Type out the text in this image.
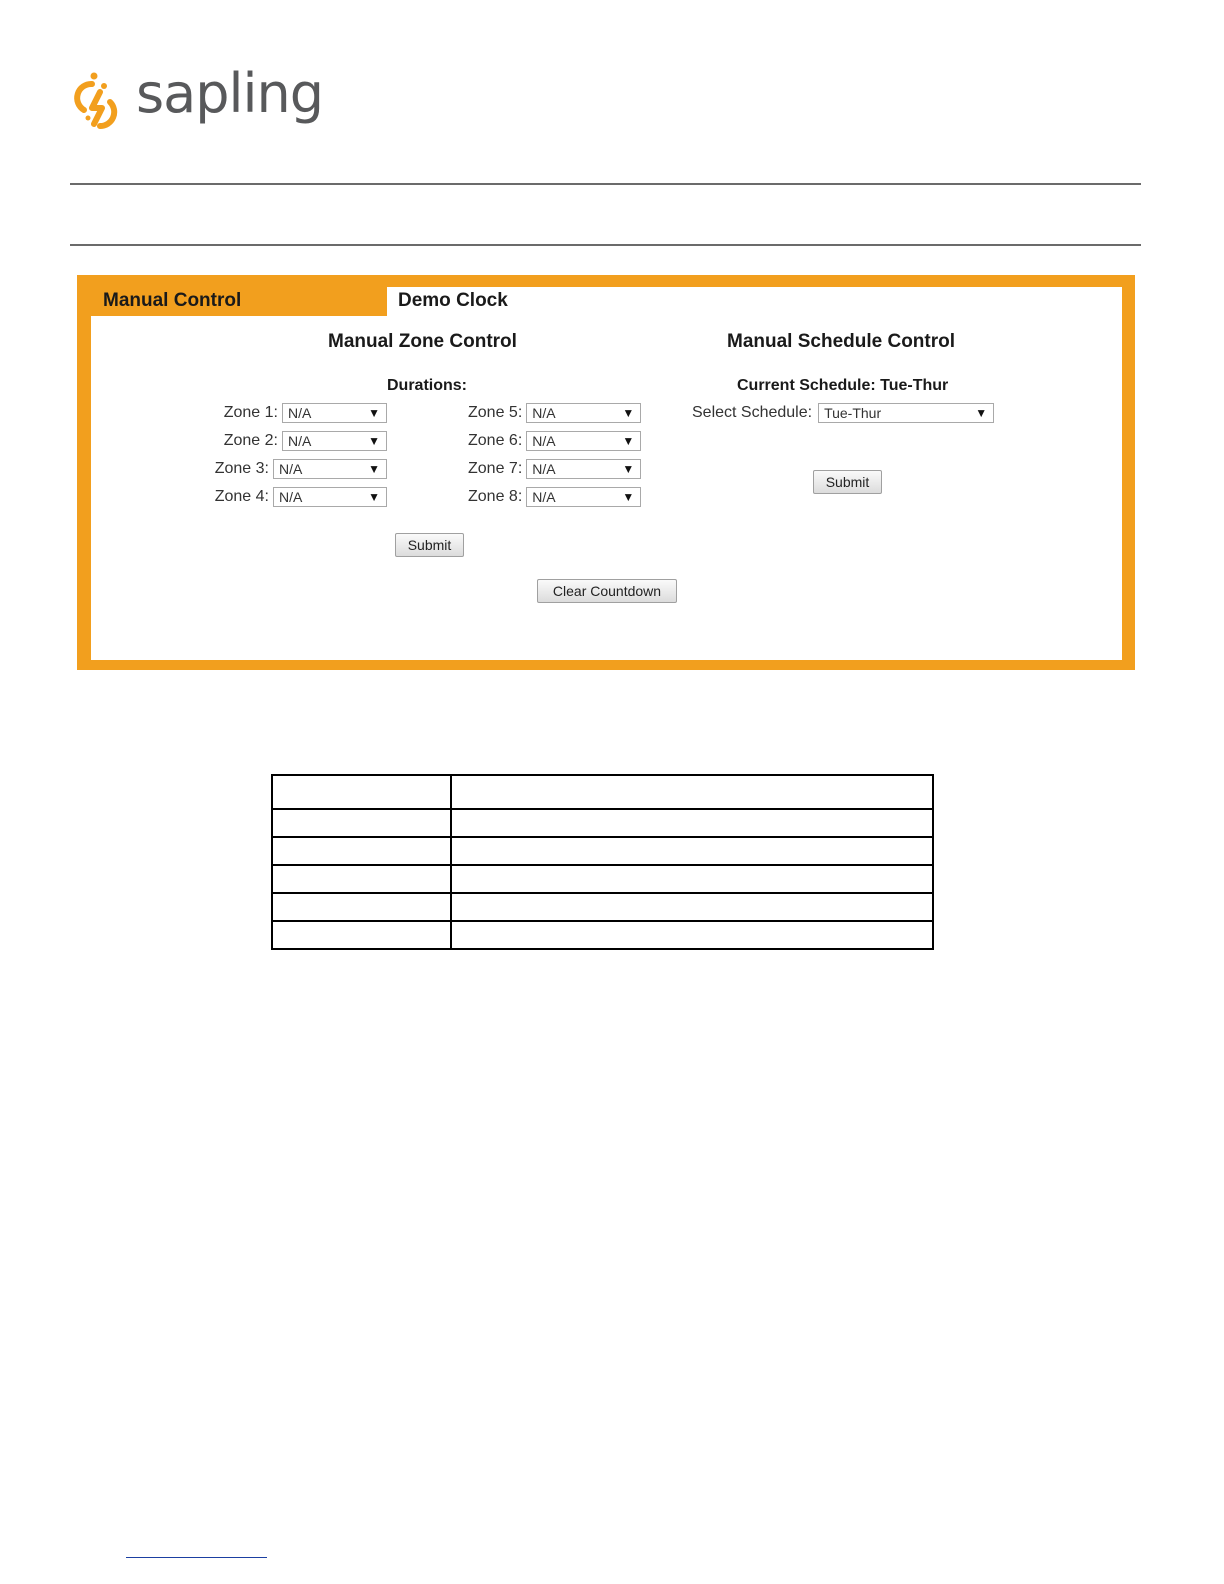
sapling
Manual Control	Demo Clock
Manual Zone Control
Durations:
Zone 1: N/A	▼
Zone 2: N/A	▼
Zone 3: N/A	▼
Zone 4: N/A	▼
Zone 5: N/A	▼
Zone 6: N/A	▼
Zone 7: N/A	▼
Zone 8: N/A	▼
Submit
Clear Countdown
Manual Schedule Control
Current Schedule: Tue-Thur
Select Schedule: Tue-Thur	▼
Submit
